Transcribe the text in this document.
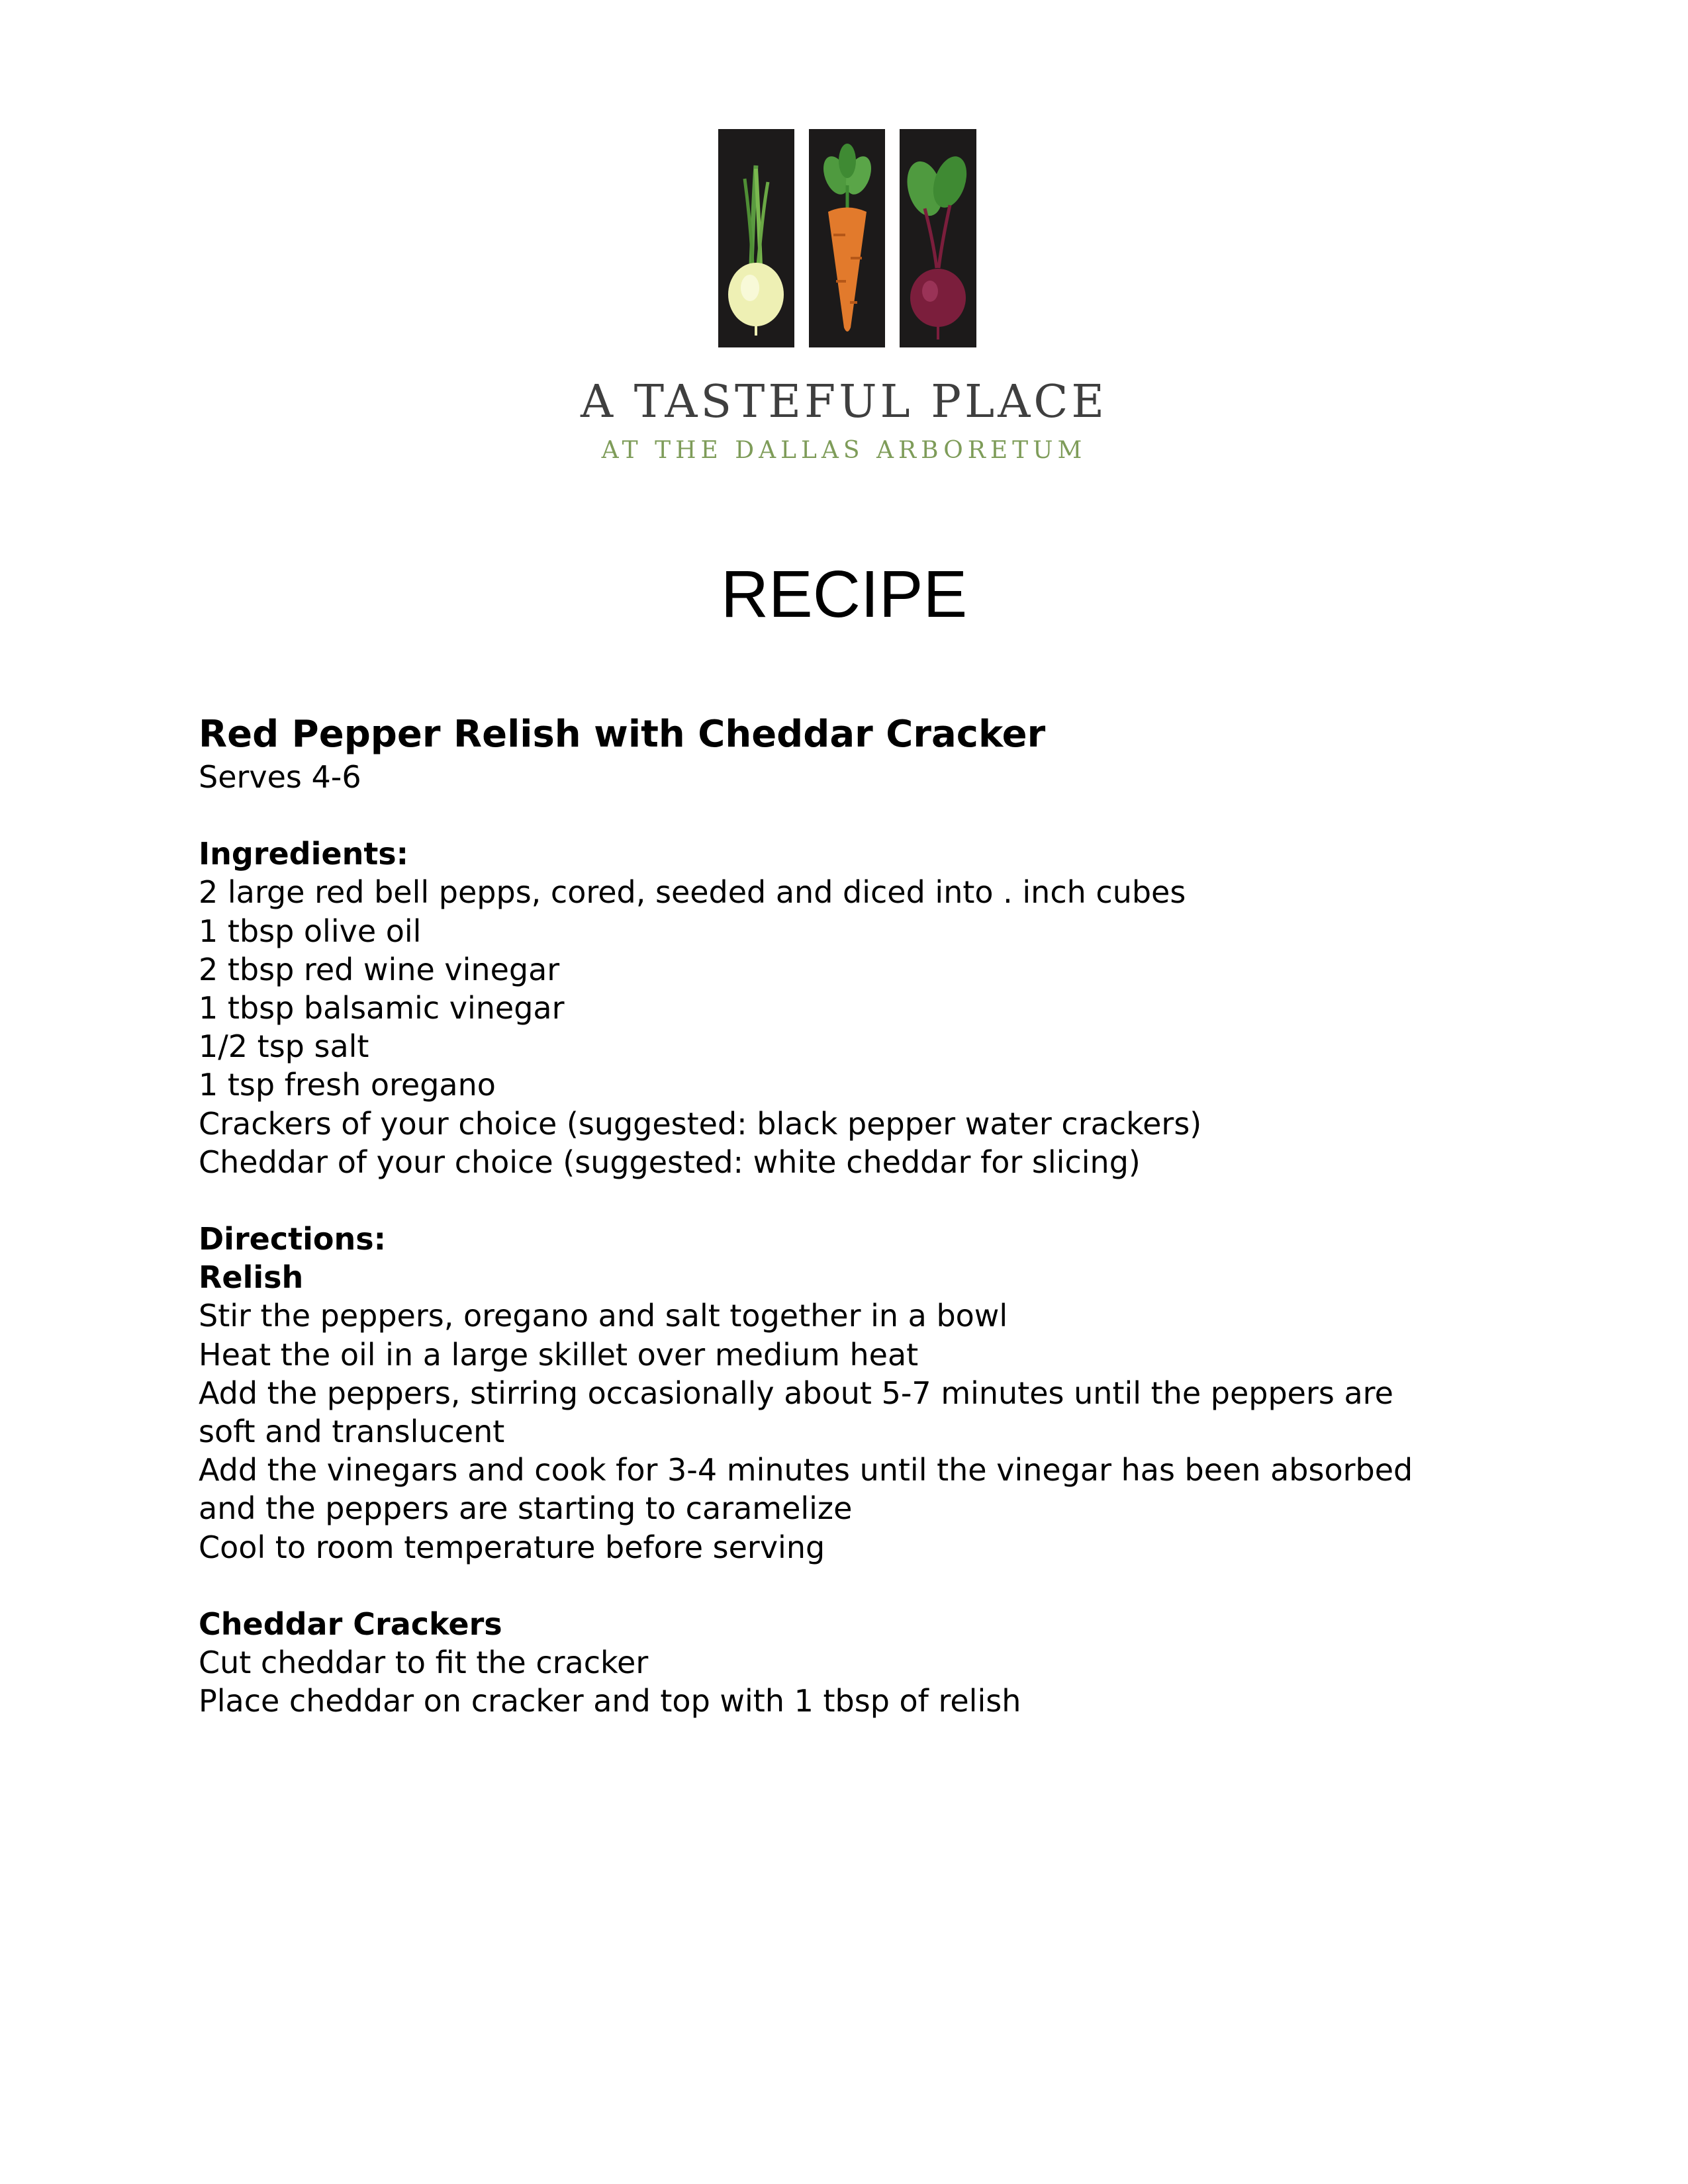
A TASTEFUL PLACE
AT THE DALLAS ARBORETUM
RECIPE

Red Pepper Relish with Cheddar Cracker

Serves 4-6

Ingredients:

2 large red bell pepps, cored, seeded and diced into . inch cubes

1 tbsp olive oil

2 tbsp red wine vinegar

1 tbsp balsamic vinegar

1/2 tsp salt

1 tsp fresh oregano

Crackers of your choice (suggested: black pepper water crackers)

Cheddar of your choice (suggested: white cheddar for slicing)

Directions:

Relish

Stir the peppers, oregano and salt together in a bowl

Heat the oil in a large skillet over medium heat

Add the peppers, stirring occasionally about 5-7 minutes until the peppers are soft and translucent

Add the vinegars and cook for 3-4 minutes until the vinegar has been absorbed and the peppers are starting to caramelize

Cool to room temperature before serving

Cheddar Crackers

Cut cheddar to fit the cracker

Place cheddar on cracker and top with 1 tbsp of relish
